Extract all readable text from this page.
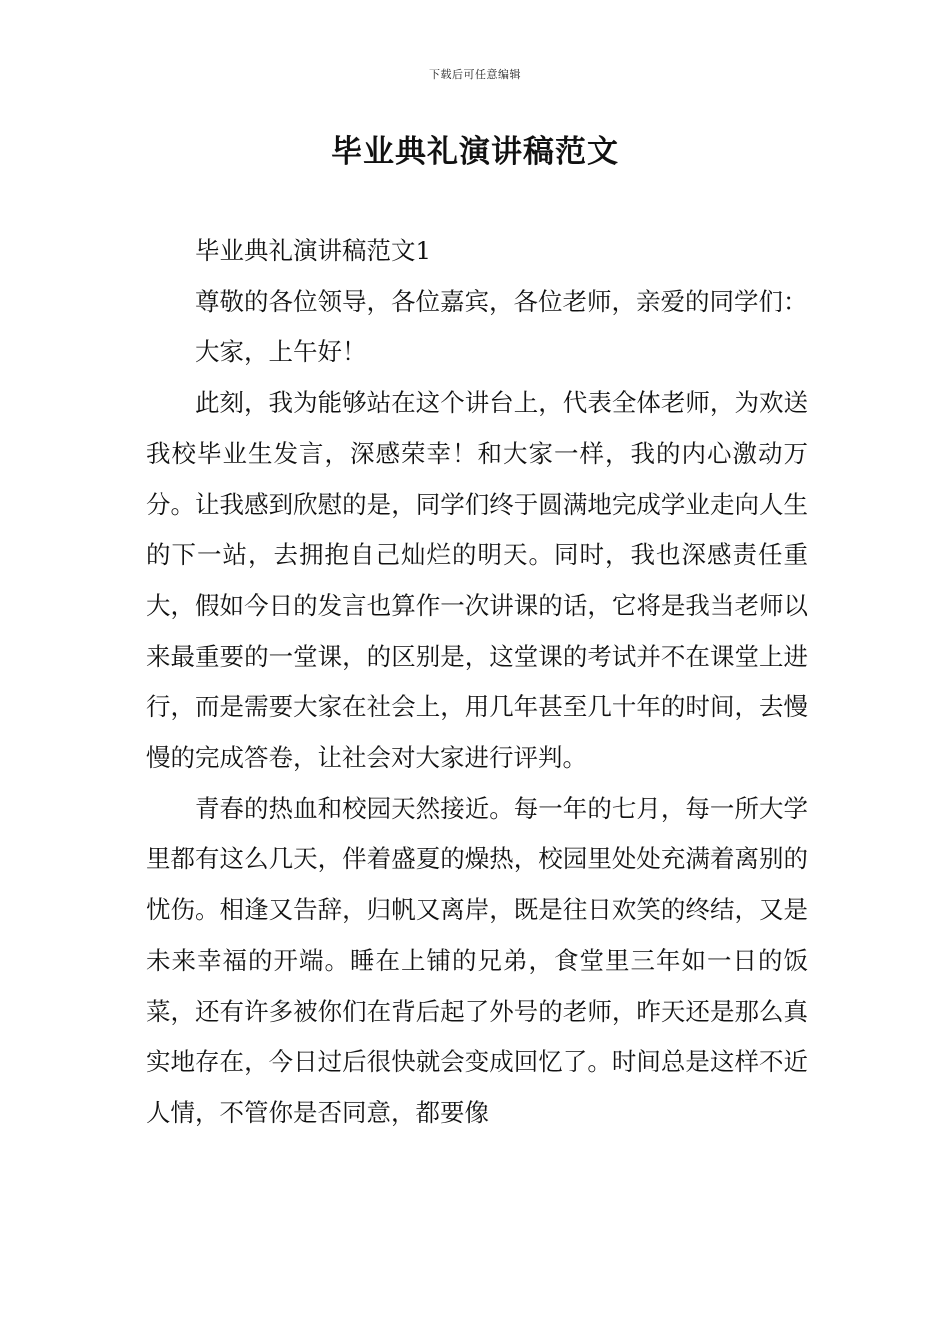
下载后可任意编辑
毕业典礼演讲稿范文

毕业典礼演讲稿范文1

尊敬的各位领导，各位嘉宾，各位老师，亲爱的同学们：

大家，上午好！

此刻，我为能够站在这个讲台上，代表全体老师，为欢送我校毕业生发言，深感荣幸！和大家一样，我的内心激动万分。让我感到欣慰的是，同学们终于圆满地完成学业走向人生的下一站，去拥抱自己灿烂的明天。同时，我也深感责任重大，假如今日的发言也算作一次讲课的话，它将是我当老师以来最重要的一堂课，的区别是，这堂课的考试并不在课堂上进行，而是需要大家在社会上，用几年甚至几十年的时间，去慢慢的完成答卷，让社会对大家进行评判。

青春的热血和校园天然接近。每一年的七月，每一所大学里都有这么几天，伴着盛夏的燥热，校园里处处充满着离别的忧伤。相逢又告辞，归帆又离岸，既是往日欢笑的终结，又是未来幸福的开端。睡在上铺的兄弟，食堂里三年如一日的饭菜，还有许多被你们在背后起了外号的老师，昨天还是那么真实地存在，今日过后很快就会变成回忆了。时间总是这样不近人情，不管你是否同意，都要像
